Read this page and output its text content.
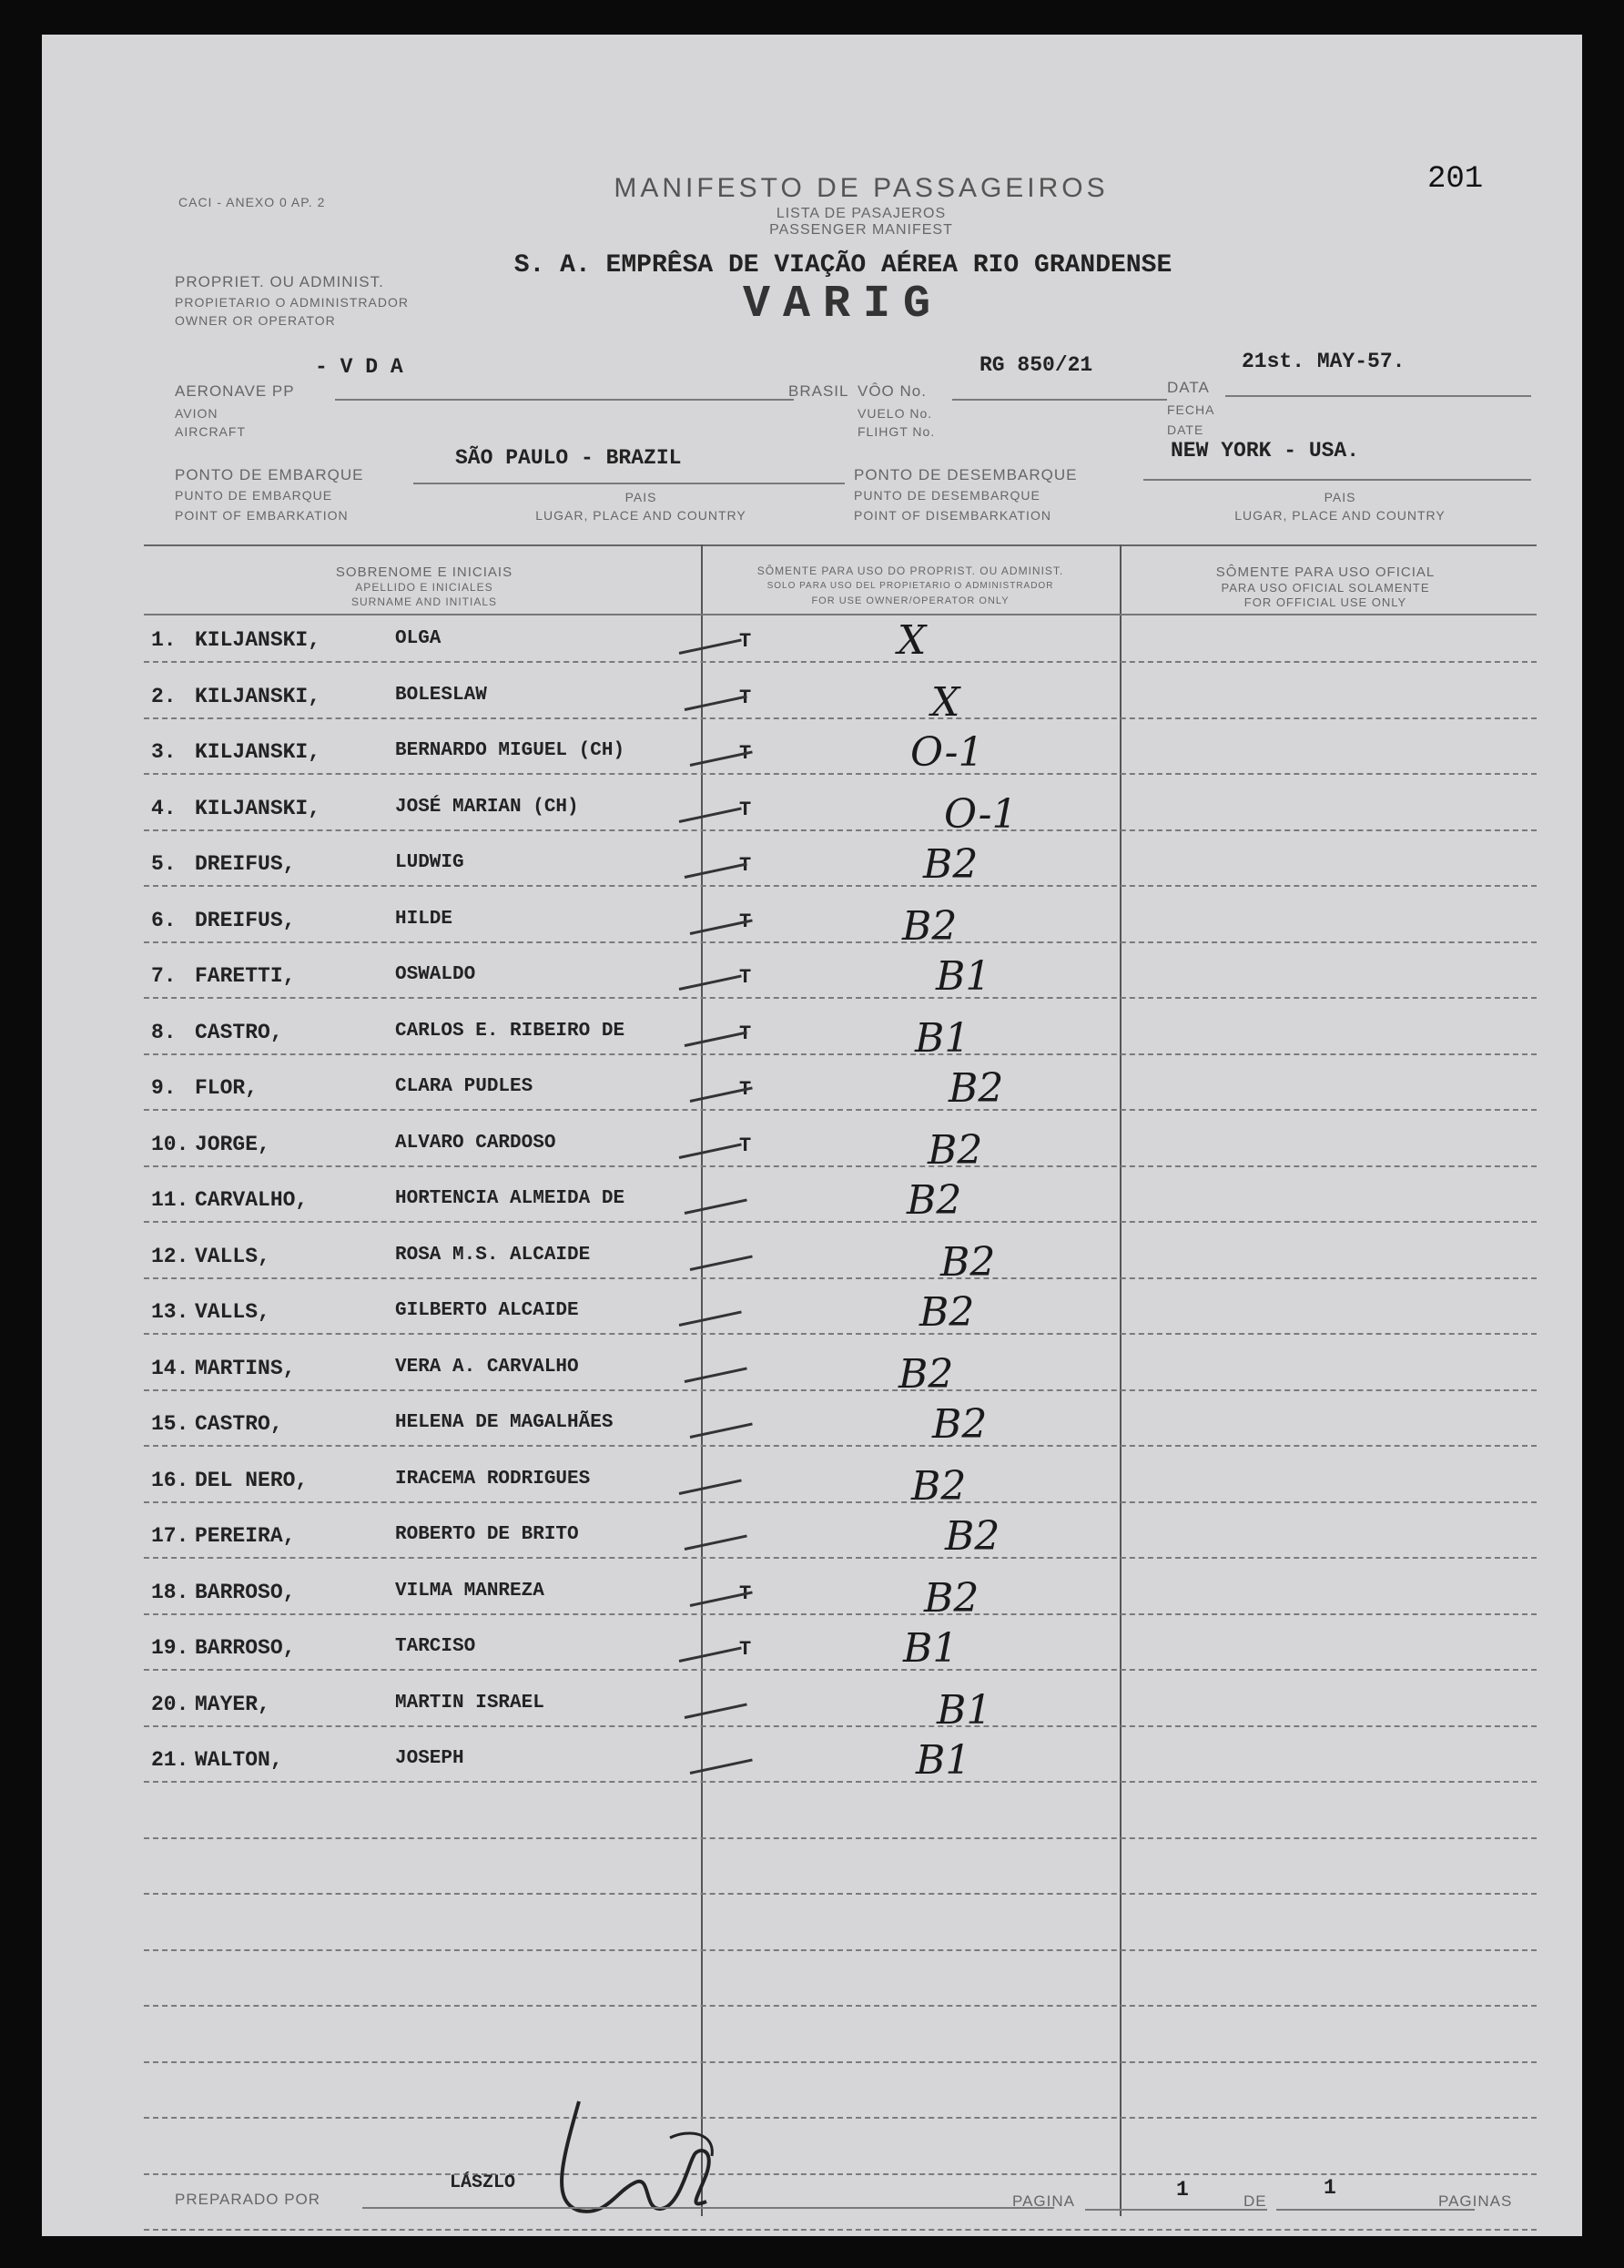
201
CACI - ANEXO 0 AP. 2	MANIFESTO DE PASSAGEIROS
LISTA DE PASAJEROS
PASSENGER MANIFEST
PROPRIET. OU ADMINIST.
PROPIETARIO O ADMINISTRADOR
OWNER OR OPERATOR
S. A. EMPRÊSA DE VIAÇÃO AÉREA RIO GRANDENSE
VARIG
- V D A
AERONAVE PP	BRASIL
AVION
AIRCRAFT
RG 850/21
VÔO No.
VUELO No.
FLIHGT No.
21st. MAY-57.
DATA
FECHA
DATE
SÃO PAULO - BRAZIL
PONTO DE EMBARQUE
PUNTO DE EMBARQUE
POINT OF EMBARKATION
PAIS
LUGAR, PLACE AND COUNTRY
PONTO DE DESEMBARQUE
PUNTO DE DESEMBARQUE
POINT OF DISEMBARKATION
NEW YORK - USA.
PAIS
LUGAR, PLACE AND COUNTRY
SOBRENOME E INICIAIS
APELLIDO E INICIALES
SURNAME AND INITIALS
SÔMENTE PARA USO DO PROPRIST. OU ADMINIST.
SOLO PARA USO DEL PROPIETARIO O ADMINISTRADOR
FOR USE OWNER/OPERATOR ONLY
SÔMENTE PARA USO OFICIAL
PARA USO OFICIAL SOLAMENTE
FOR OFFICIAL USE ONLY
1. KILJANSKI,	OLGA	T	X
2. KILJANSKI,	BOLESLAW	T	X
3. KILJANSKI,	BERNARDO MIGUEL (CH)	T	O-1
4. KILJANSKI,	JOSÉ MARIAN (CH)	T	O-1
5. DREIFUS,	LUDWIG	T	B2
6. DREIFUS,	HILDE	T	B2
7. FARETTI,	OSWALDO	T	B1
8. CASTRO,	CARLOS E. RIBEIRO DE	T	B1
9. FLOR,	CLARA PUDLES	T	B2
10. JORGE,	ALVARO CARDOSO	T	B2
11. CARVALHO,	HORTENCIA ALMEIDA DE	B2
12. VALLS,	ROSA M.S. ALCAIDE	B2
13. VALLS,	GILBERTO ALCAIDE	B2
14. MARTINS,	VERA A. CARVALHO	B2
15. CASTRO,	HELENA DE MAGALHÃES	B2
16. DEL NERO,	IRACEMA RODRIGUES	B2
17. PEREIRA,	ROBERTO DE BRITO	B2
18. BARROSO,	VILMA MANREZA	T	B2
19. BARROSO,	TARCISO	T	B1
20. MAYER,	MARTIN ISRAEL	B1
21. WALTON,	JOSEPH	B1
PREPARADO POR
LÁSZLO
PAGINA	1	DE
1
PAGINAS
